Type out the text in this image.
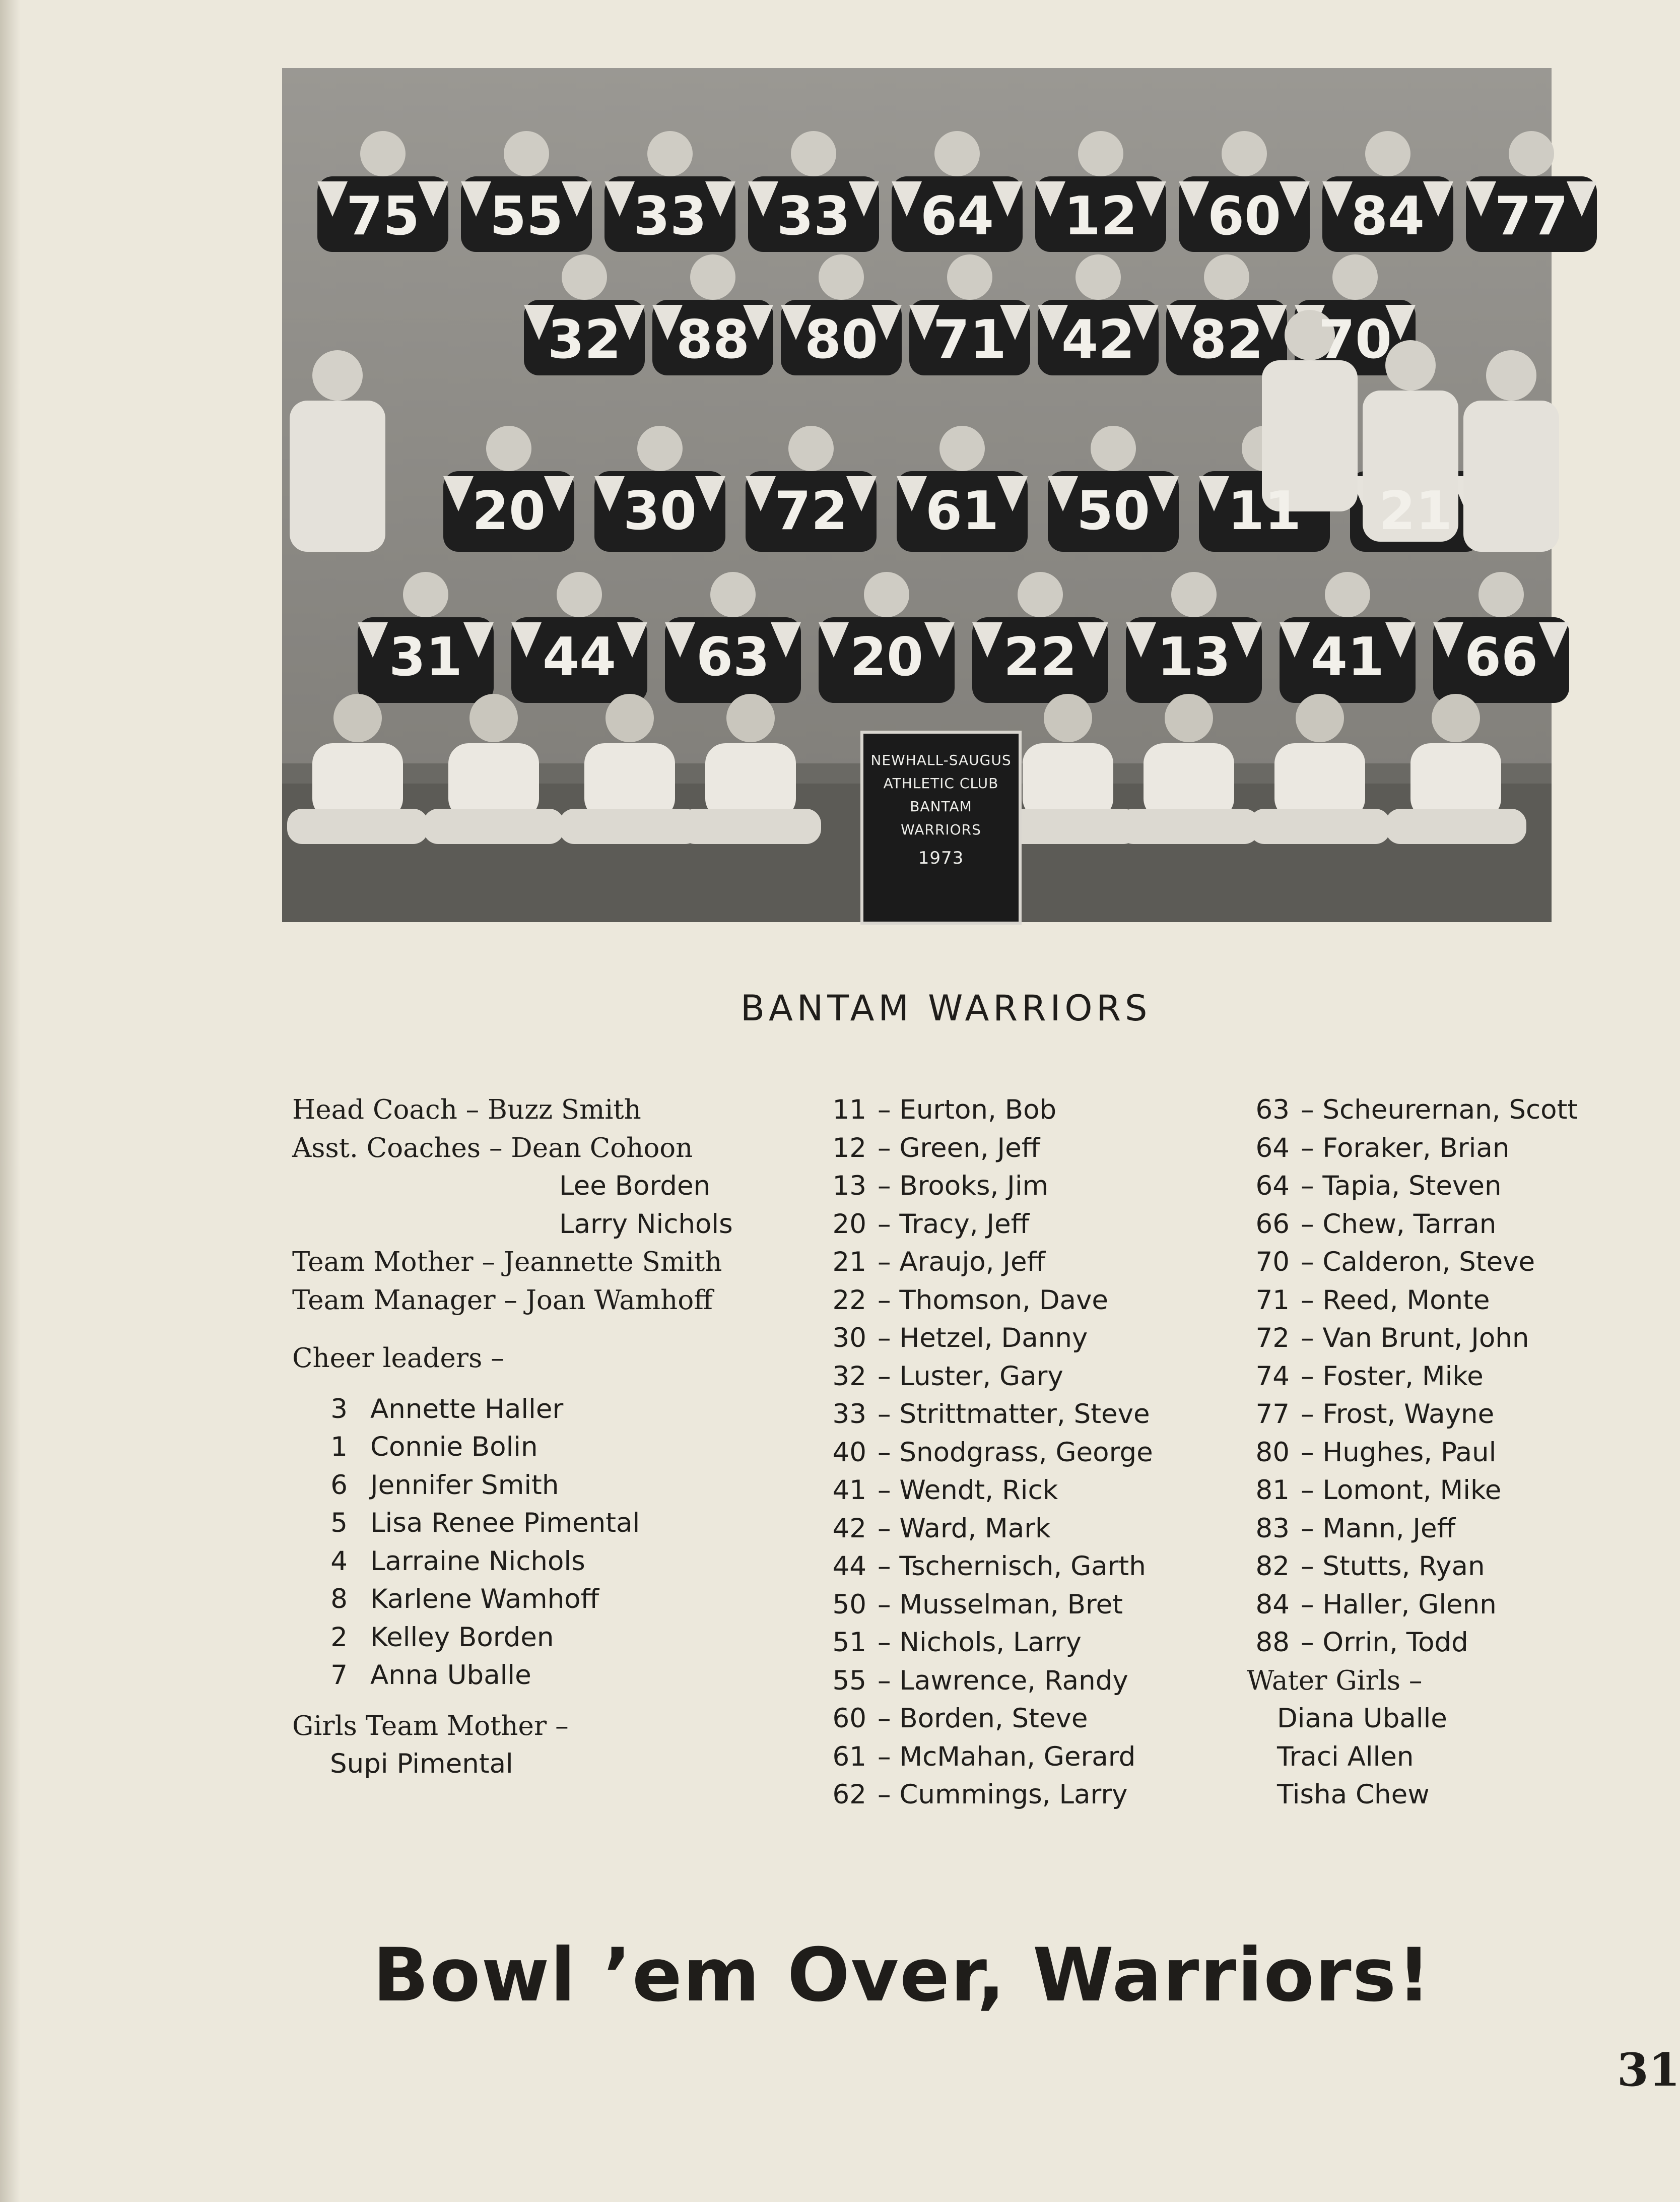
75 55 33 33 64 12 60 84 77
32 88 80 71 42 82 70
20 30 72 61 50 11 21
31 44 63 20 22 13 41 66
NEWHALL-SAUGUS
ATHLETIC CLUB
BANTAM
WARRIORS
1973
BANTAM WARRIORS
Head Coach – Buzz Smith
Asst. Coaches – Dean Cohoon
Lee Borden
Larry Nichols
Team Mother – Jeannette Smith
Team Manager – Joan Wamhoff
Cheer leaders –
3 Annette Haller
1 Connie Bolin
6 Jennifer Smith
5 Lisa Renee Pimental
4 Larraine Nichols
8 Karlene Wamhoff
2 Kelley Borden
7 Anna Uballe
Girls Team Mother –
Supi Pimental
11 – Eurton, Bob
12 – Green, Jeff
13 – Brooks, Jim
20 – Tracy, Jeff
21 – Araujo, Jeff
22 – Thomson, Dave
30 – Hetzel, Danny
32 – Luster, Gary
33 – Strittmatter, Steve
40 – Snodgrass, George
41 – Wendt, Rick
42 – Ward, Mark
44 – Tschernisch, Garth
50 – Musselman, Bret
51 – Nichols, Larry
55 – Lawrence, Randy
60 – Borden, Steve
61 – McMahan, Gerard
62 – Cummings, Larry
63 – Scheurernan, Scott
64 – Foraker, Brian
64 – Tapia, Steven
66 – Chew, Tarran
70 – Calderon, Steve
71 – Reed, Monte
72 – Van Brunt, John
74 – Foster, Mike
77 – Frost, Wayne
80 – Hughes, Paul
81 – Lomont, Mike
83 – Mann, Jeff
82 – Stutts, Ryan
84 – Haller, Glenn
88 – Orrin, Todd
Water Girls –
Diana Uballe
Traci Allen
Tisha Chew
Bowl ’em Over, Warriors!
31
